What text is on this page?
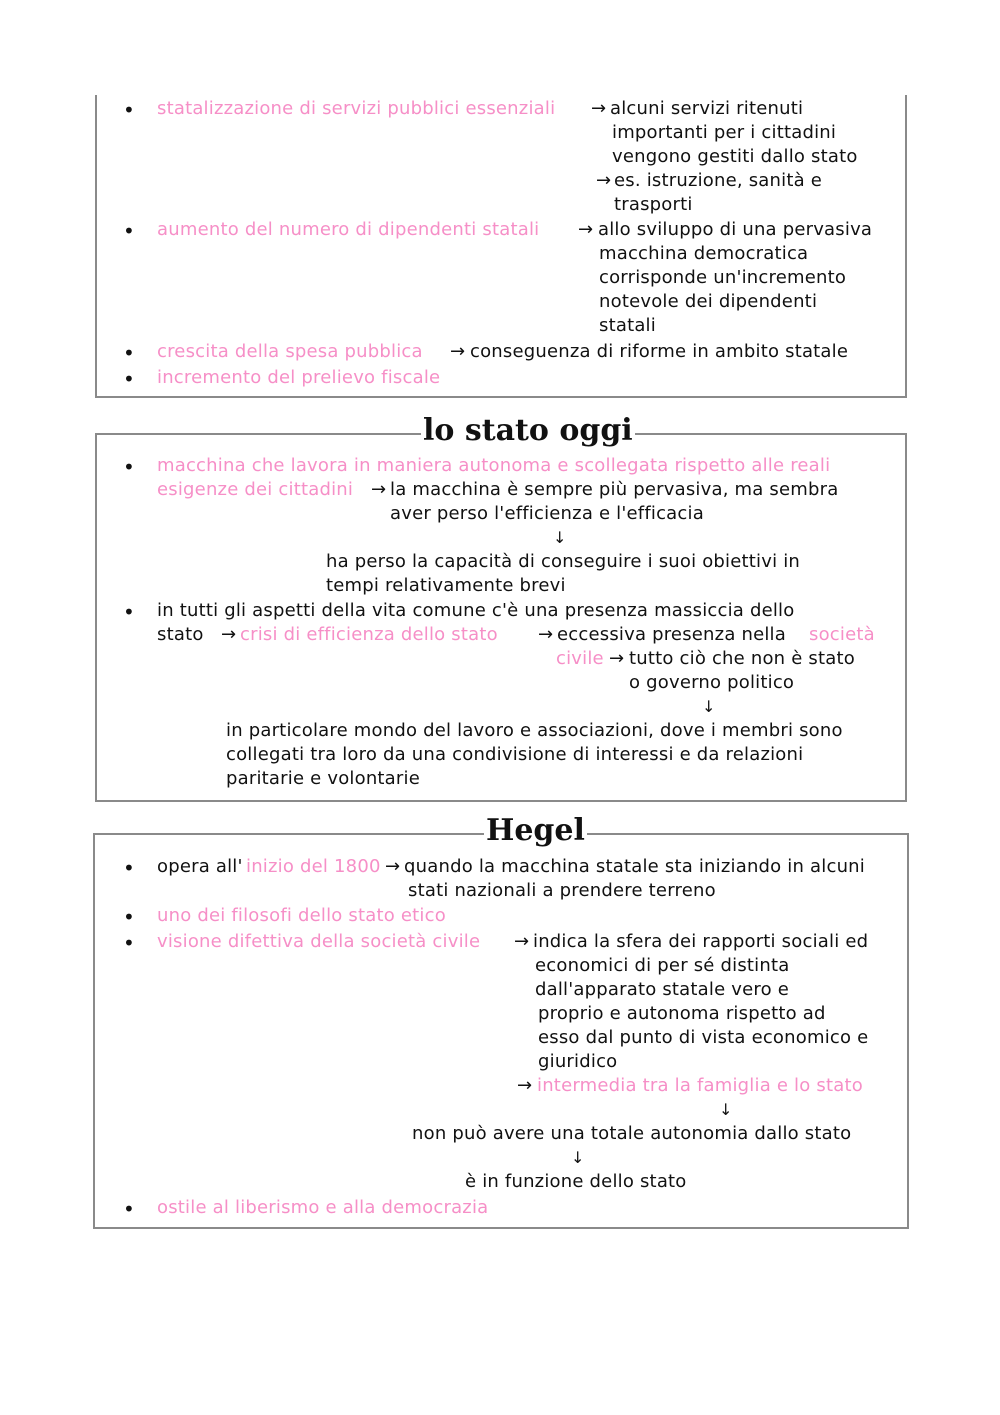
• statalizzazione di servizi pubblici essenziali → alcuni servizi ritenuti
importanti per i cittadini
vengono gestiti dallo stato
→ es. istruzione, sanità e
trasporti
• aumento del numero di dipendenti statali → allo sviluppo di una pervasiva
macchina democratica
corrisponde un'incremento
notevole dei dipendenti
statali
• crescita della spesa pubblica → conseguenza di riforme in ambito statale
• incremento del prelievo fiscale
lo stato oggi
• macchina che lavora in maniera autonoma e scollegata rispetto alle reali
esigenze dei cittadini → la macchina è sempre più pervasiva, ma sembra
aver perso l'efficienza e l'efficacia
↓
ha perso la capacità di conseguire i suoi obiettivi in
tempi relativamente brevi
• in tutti gli aspetti della vita comune c'è una presenza massiccia dello
stato → crisi di efficienza dello stato → eccessiva presenza nella società
civile → tutto ciò che non è stato
o governo politico
↓
in particolare mondo del lavoro e associazioni, dove i membri sono
collegati tra loro da una condivisione di interessi e da relazioni
paritarie e volontarie
Hegel
• opera all' inizio del 1800 → quando la macchina statale sta iniziando in alcuni
stati nazionali a prendere terreno
• uno dei filosofi dello stato etico
• visione difettiva della società civile → indica la sfera dei rapporti sociali ed
economici di per sé distinta
dall'apparato statale vero e
proprio e autonoma rispetto ad
esso dal punto di vista economico e
giuridico
→ intermedia tra la famiglia e lo stato
↓
non può avere una totale autonomia dallo stato
↓
è in funzione dello stato
• ostile al liberismo e alla democrazia
